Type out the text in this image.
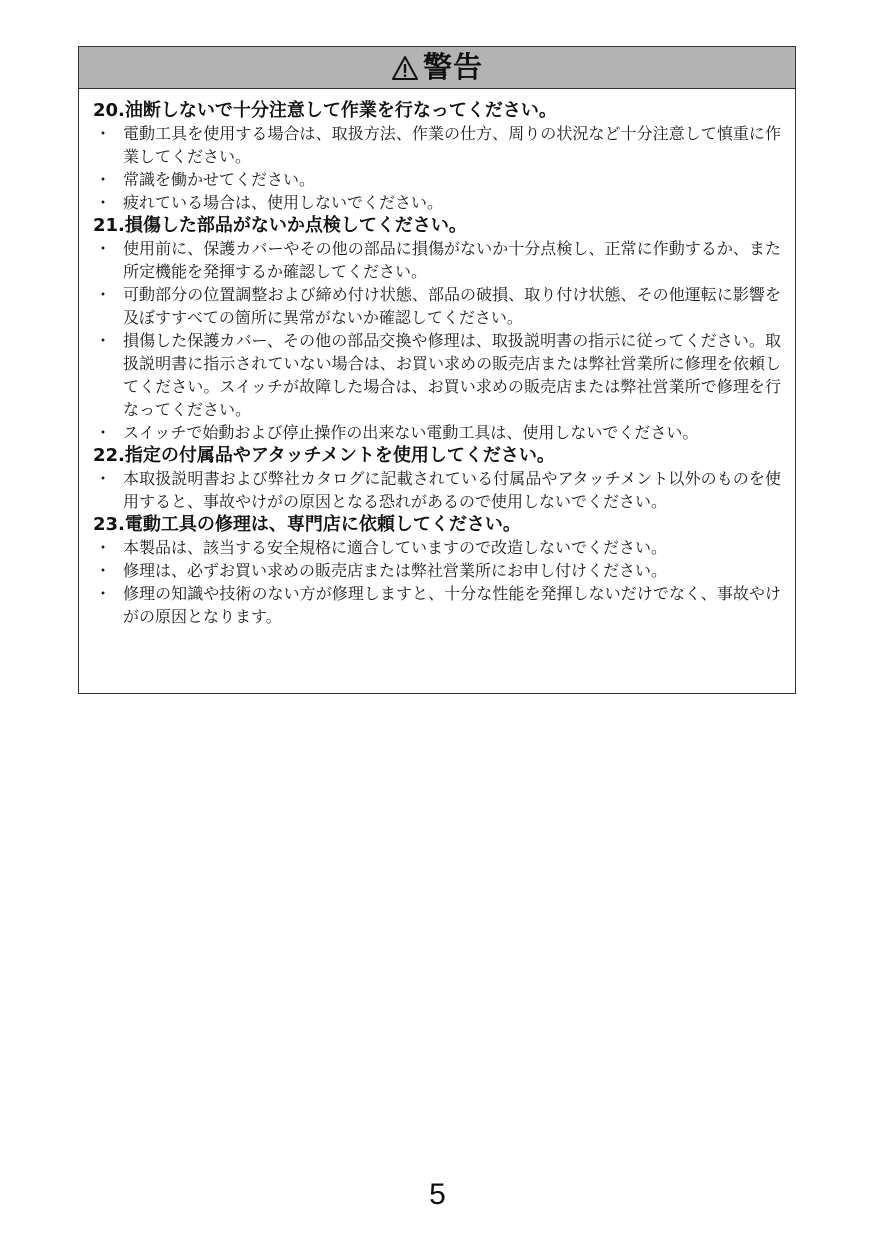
警告
20. 油断しないで十分注意して作業を行なってください。
・ 電動工具を使用する場合は、取扱方法、作業の仕方、周りの状況など十分注意して慎重に作業してください。
・ 常識を働かせてください。
・ 疲れている場合は、使用しないでください。
21. 損傷した部品がないか点検してください。
・ 使用前に、保護カバーやその他の部品に損傷がないか十分点検し、正常に作動するか、また所定機能を発揮するか確認してください。
・ 可動部分の位置調整および締め付け状態、部品の破損、取り付け状態、その他運転に影響を及ぼすすべての箇所に異常がないか確認してください。
・ 損傷した保護カバー、その他の部品交換や修理は、取扱説明書の指示に従ってください。取扱説明書に指示されていない場合は、お買い求めの販売店または弊社営業所に修理を依頼してください。スイッチが故障した場合は、お買い求めの販売店または弊社営業所で修理を行なってください。
・ スイッチで始動および停止操作の出来ない電動工具は、使用しないでください。
22. 指定の付属品やアタッチメントを使用してください。
・ 本取扱説明書および弊社カタログに記載されている付属品やアタッチメント以外のものを使用すると、事故やけがの原因となる恐れがあるので使用しないでください。
23. 電動工具の修理は、専門店に依頼してください。
・ 本製品は、該当する安全規格に適合していますので改造しないでください。
・ 修理は、必ずお買い求めの販売店または弊社営業所にお申し付けください。
・ 修理の知識や技術のない方が修理しますと、十分な性能を発揮しないだけでなく、事故やけがの原因となります。
5
